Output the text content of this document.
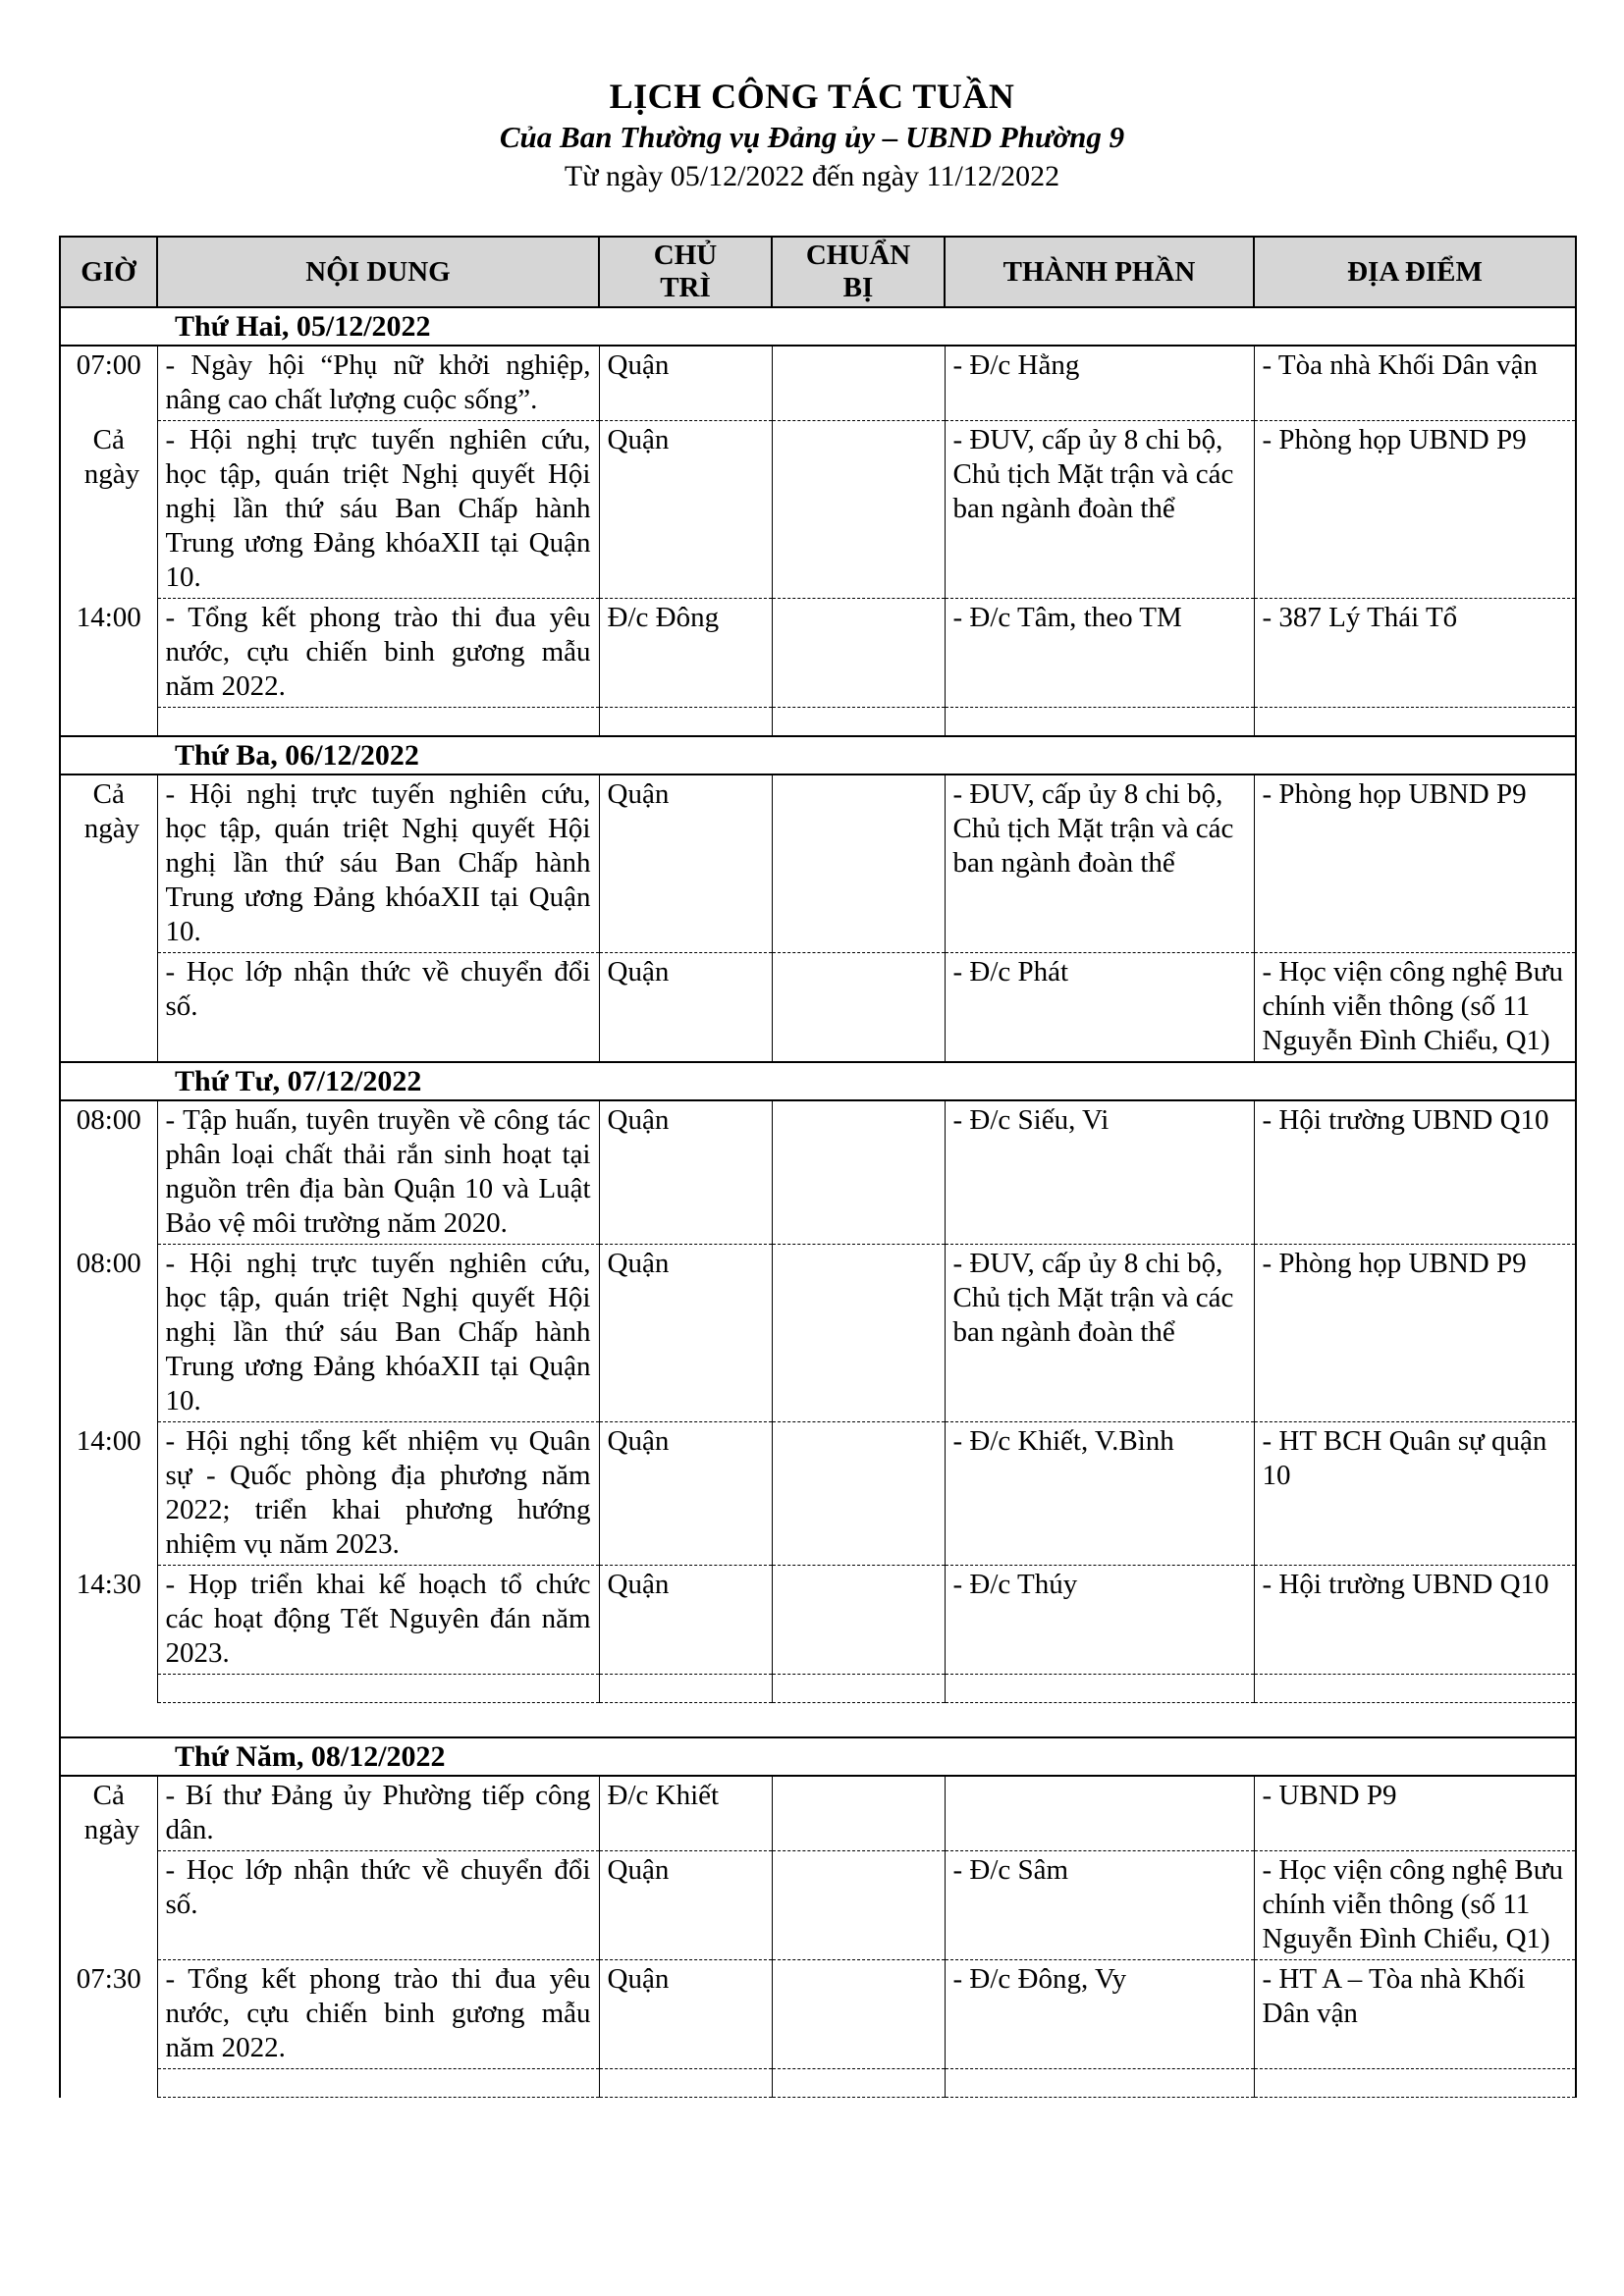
LỊCH CÔNG TÁC TUẦN
Của Ban Thường vụ Đảng ủy – UBND Phường 9
Từ ngày 05/12/2022 đến ngày 11/12/2022
GIỜ	NỘI DUNG	CHỦ TRÌ	CHUẨN BỊ	THÀNH PHẦN	ĐỊA ĐIỂM
Thứ Hai, 05/12/2022					
07:00	- Ngày hội “Phụ nữ khởi nghiệp, nâng cao chất lượng cuộc sống”.	Quận		- Đ/c Hằng	- Tòa nhà Khối Dân vận
Cả ngày	- Hội nghị trực tuyến nghiên cứu, học tập, quán triệt Nghị quyết Hội nghị lần thứ sáu Ban Chấp hành Trung ương Đảng khóaXII tại Quận 10.	Quận		- ĐUV, cấp ủy 8 chi bộ, Chủ tịch Mặt trận và các ban ngành đoàn thể	- Phòng họp UBND P9
14:00	- Tổng kết phong trào thi đua yêu nước, cựu chiến binh gương mẫu năm 2022.	Đ/c Đông		- Đ/c Tâm, theo TM	- 387 Lý Thái Tổ

Thứ Ba, 06/12/2022					
Cả ngày	- Hội nghị trực tuyến nghiên cứu, học tập, quán triệt Nghị quyết Hội nghị lần thứ sáu Ban Chấp hành Trung ương Đảng khóaXII tại Quận 10.	Quận		- ĐUV, cấp ủy 8 chi bộ, Chủ tịch Mặt trận và các ban ngành đoàn thể	- Phòng họp UBND P9
	- Học lớp nhận thức về chuyển đổi số.	Quận		- Đ/c Phát	- Học viện công nghệ Bưu chính viễn thông (số 11 Nguyễn Đình Chiểu, Q1)
Thứ Tư, 07/12/2022					
08:00	- Tập huấn, tuyên truyền về công tác phân loại chất thải rắn sinh hoạt tại nguồn trên địa bàn Quận 10 và Luật Bảo vệ môi trường năm 2020.	Quận		- Đ/c Siếu, Vi	- Hội trường UBND Q10
08:00	- Hội nghị trực tuyến nghiên cứu, học tập, quán triệt Nghị quyết Hội nghị lần thứ sáu Ban Chấp hành Trung ương Đảng khóaXII tại Quận 10.	Quận		- ĐUV, cấp ủy 8 chi bộ, Chủ tịch Mặt trận và các ban ngành đoàn thể	- Phòng họp UBND P9
14:00	- Hội nghị tổng kết nhiệm vụ Quân sự - Quốc phòng địa phương năm 2022; triển khai phương hướng nhiệm vụ năm 2023.	Quận		- Đ/c Khiết, V.Bình	- HT BCH Quân sự quận 10
14:30	- Họp triển khai kế hoạch tổ chức các hoạt động Tết Nguyên đán năm 2023.	Quận		- Đ/c Thúy	- Hội trường UBND Q10

Thứ Năm, 08/12/2022					
Cả ngày	- Bí thư Đảng ủy Phường tiếp công dân.	Đ/c Khiết			- UBND P9
	- Học lớp nhận thức về chuyển đổi số.	Quận		- Đ/c Sâm	- Học viện công nghệ Bưu chính viễn thông (số 11 Nguyễn Đình Chiểu, Q1)
07:30	- Tổng kết phong trào thi đua yêu nước, cựu chiến binh gương mẫu năm 2022.	Quận		- Đ/c Đông, Vy	- HT A – Tòa nhà Khối Dân vận
